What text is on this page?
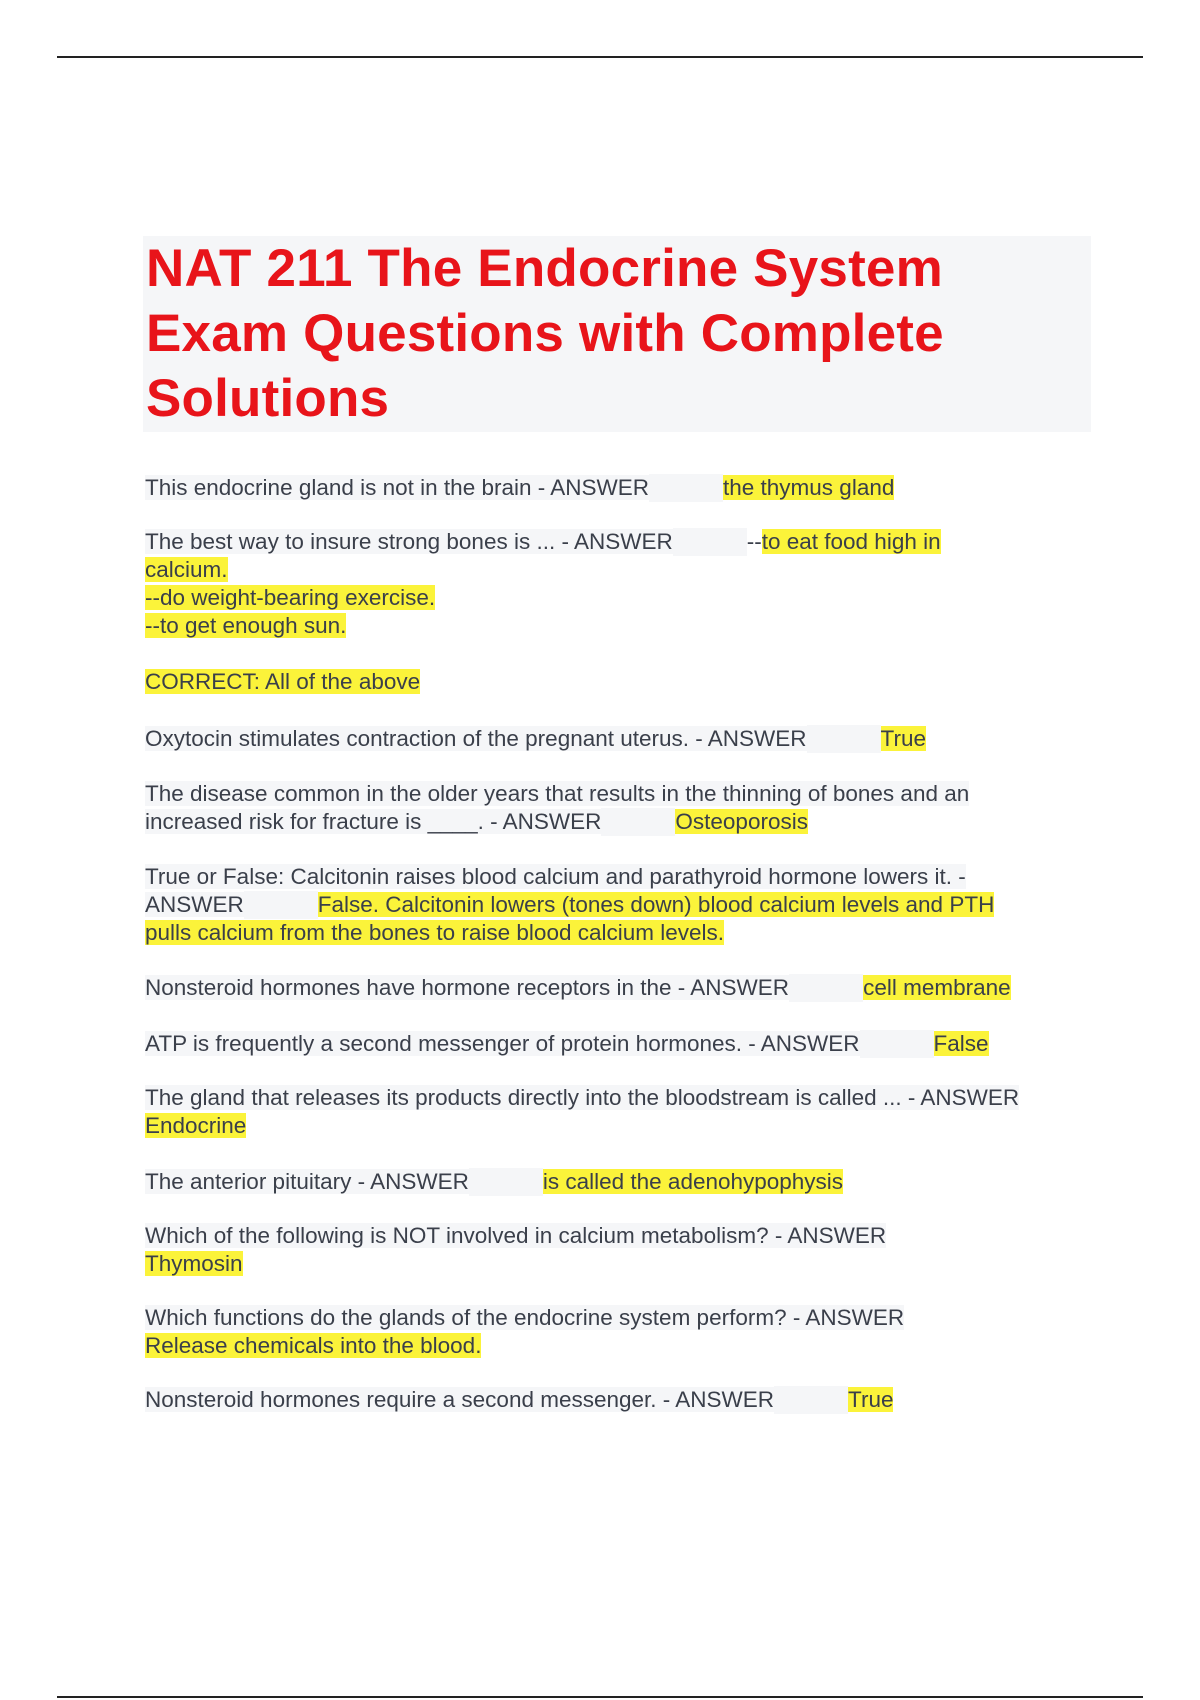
NAT 211 The Endocrine System
Exam Questions with Complete
Solutions

This endocrine gland is not in the brain - ANSWER	the thymus gland

The best way to insure strong bones is ... - ANSWER	--to eat food high in
calcium.
--do weight-bearing exercise.
--to get enough sun.

CORRECT: All of the above

Oxytocin stimulates contraction of the pregnant uterus. - ANSWER	True

The disease common in the older years that results in the thinning of bones and an
increased risk for fracture is ____. - ANSWER	Osteoporosis

True or False: Calcitonin raises blood calcium and parathyroid hormone lowers it. -
ANSWER	False. Calcitonin lowers (tones down) blood calcium levels and PTH
pulls calcium from the bones to raise blood calcium levels.

Nonsteroid hormones have hormone receptors in the - ANSWER	cell membrane

ATP is frequently a second messenger of protein hormones. - ANSWER	False

The gland that releases its products directly into the bloodstream is called ... - ANSWER
Endocrine

The anterior pituitary - ANSWER	is called the adenohypophysis

Which of the following is NOT involved in calcium metabolism? - ANSWER
Thymosin

Which functions do the glands of the endocrine system perform? - ANSWER
Release chemicals into the blood.

Nonsteroid hormones require a second messenger. - ANSWER	True
